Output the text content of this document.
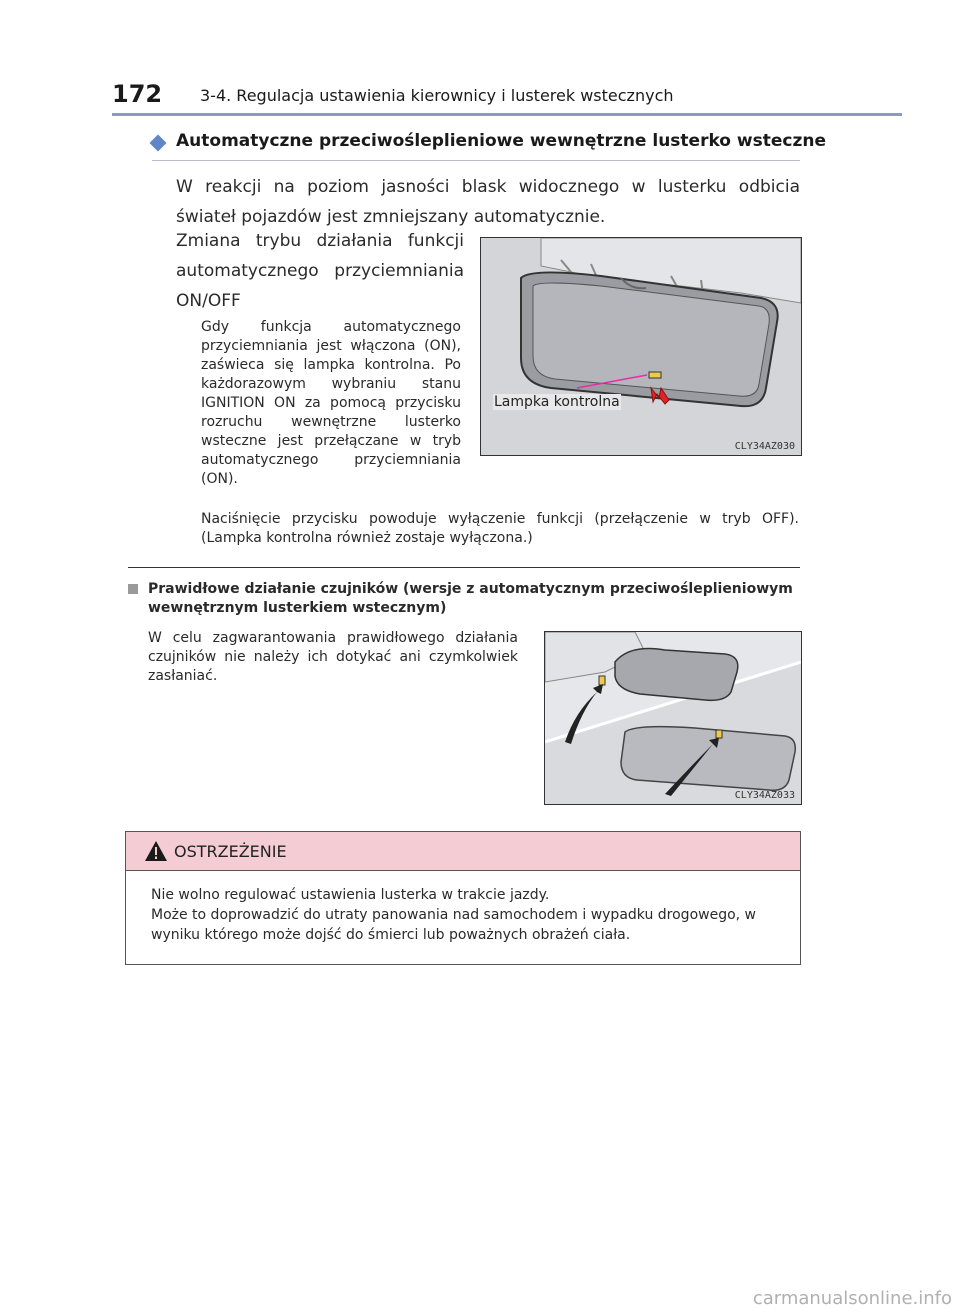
172 3-4. Regulacja ustawienia kierownicy i lusterek wstecznych
Automatyczne przeciwośleplieniowe wewnętrzne lusterko wsteczne
W reakcji na poziom jasności blask widocznego w lusterku odbicia świateł pojazdów jest zmniejszany automatycznie.
Zmiana trybu działania funkcji automatycznego przyciemniania ON/OFF
Gdy funkcja automatycznego przyciemniania jest włączona (ON), zaświeca się lampka kontrolna. Po każdorazowym wybraniu stanu IGNITION ON za pomocą przycisku rozruchu wewnętrzne lusterko wsteczne jest przełączane w tryb automatycznego przyciemniania (ON).
Naciśnięcie przycisku powoduje wyłączenie funkcji (przełączenie w tryb OFF). (Lampka kontrolna również zostaje wyłączona.)
Lampka kontrolna
CLY34AZ030
Prawidłowe działanie czujników (wersje z automatycznym przeciwośleplieniowym wewnętrznym lusterkiem wstecznym)
W celu zagwarantowania prawidłowego działania czujników nie należy ich dotykać ani czymkolwiek zasłaniać.
CLY34AZ033
OSTRZEŻENIE
Nie wolno regulować ustawienia lusterka w trakcie jazdy.
Może to doprowadzić do utraty panowania nad samochodem i wypadku drogowego, w wyniku którego może dojść do śmierci lub poważnych obrażeń ciała.
carmanualsonline.info
